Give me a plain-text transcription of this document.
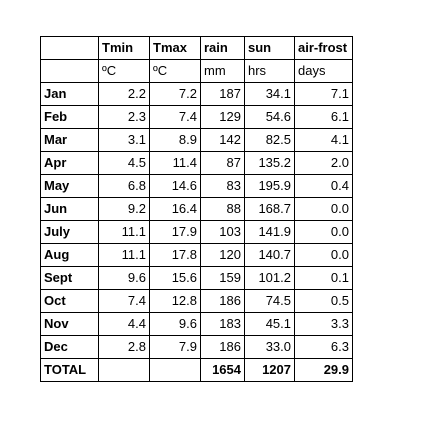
	Tmin	Tmax	rain	sun	air-frost
	ºC	ºC	mm	hrs	days
Jan	2.2	7.2	187	34.1	7.1
Feb	2.3	7.4	129	54.6	6.1
Mar	3.1	8.9	142	82.5	4.1
Apr	4.5	11.4	87	135.2	2.0
May	6.8	14.6	83	195.9	0.4
Jun	9.2	16.4	88	168.7	0.0
July	11.1	17.9	103	141.9	0.0
Aug	11.1	17.8	120	140.7	0.0
Sept	9.6	15.6	159	101.2	0.1
Oct	7.4	12.8	186	74.5	0.5
Nov	4.4	9.6	183	45.1	3.3
Dec	2.8	7.9	186	33.0	6.3
TOTAL			1654	1207	29.9
